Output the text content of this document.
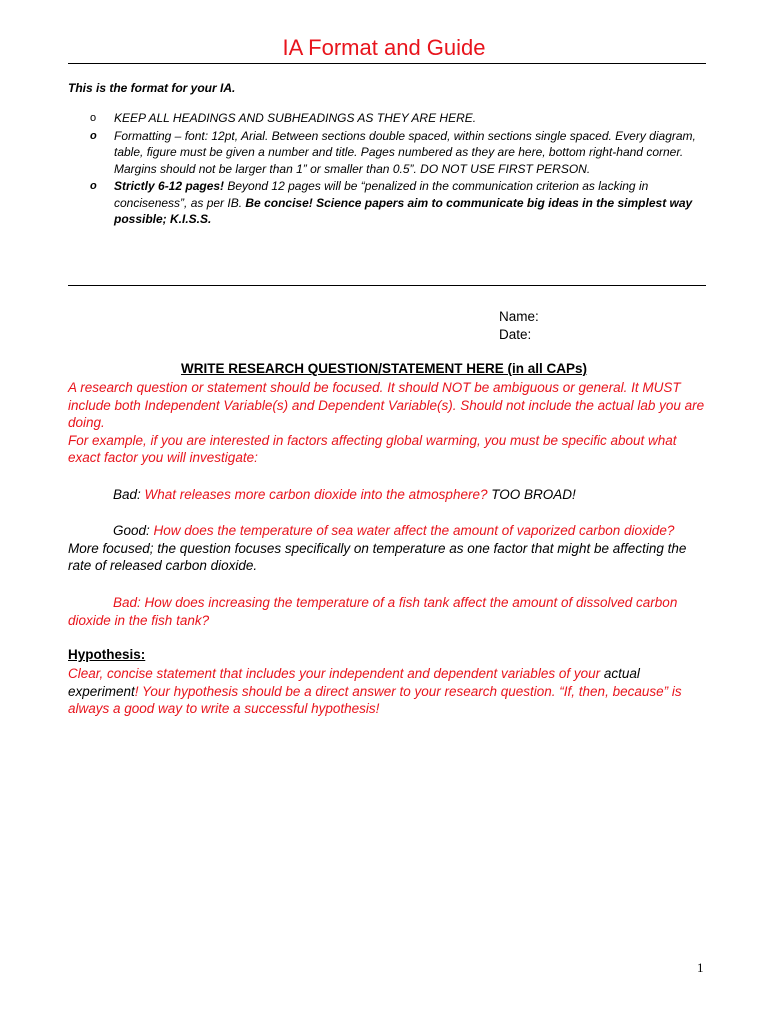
IA Format and Guide
This is the format for your IA.
o KEEP ALL HEADINGS AND SUBHEADINGS AS THEY ARE HERE.
o Formatting – font: 12pt, Arial. Between sections double spaced, within sections single spaced. Every diagram, table, figure must be given a number and title. Pages numbered as they are here, bottom right-hand corner. Margins should not be larger than 1” or smaller than 0.5”. DO NOT USE FIRST PERSON.
o Strictly 6-12 pages! Beyond 12 pages will be “penalized in the communication criterion as lacking in conciseness”, as per IB. Be concise! Science papers aim to communicate big ideas in the simplest way possible; K.I.S.S.
Name:
Date:
WRITE RESEARCH QUESTION/STATEMENT HERE (in all CAPs)
A research question or statement should be focused. It should NOT be ambiguous or general. It MUST include both Independent Variable(s) and Dependent Variable(s). Should not include the actual lab you are doing.
For example, if you are interested in factors affecting global warming, you must be specific about what exact factor you will investigate:
Bad: What releases more carbon dioxide into the atmosphere? TOO BROAD!
Good: How does the temperature of sea water affect the amount of vaporized carbon dioxide? More focused; the question focuses specifically on temperature as one factor that might be affecting the rate of released carbon dioxide.
Bad: How does increasing the temperature of a fish tank affect the amount of dissolved carbon dioxide in the fish tank?
Hypothesis:
Clear, concise statement that includes your independent and dependent variables of your actual experiment! Your hypothesis should be a direct answer to your research question. “If, then, because” is always a good way to write a successful hypothesis!
1
